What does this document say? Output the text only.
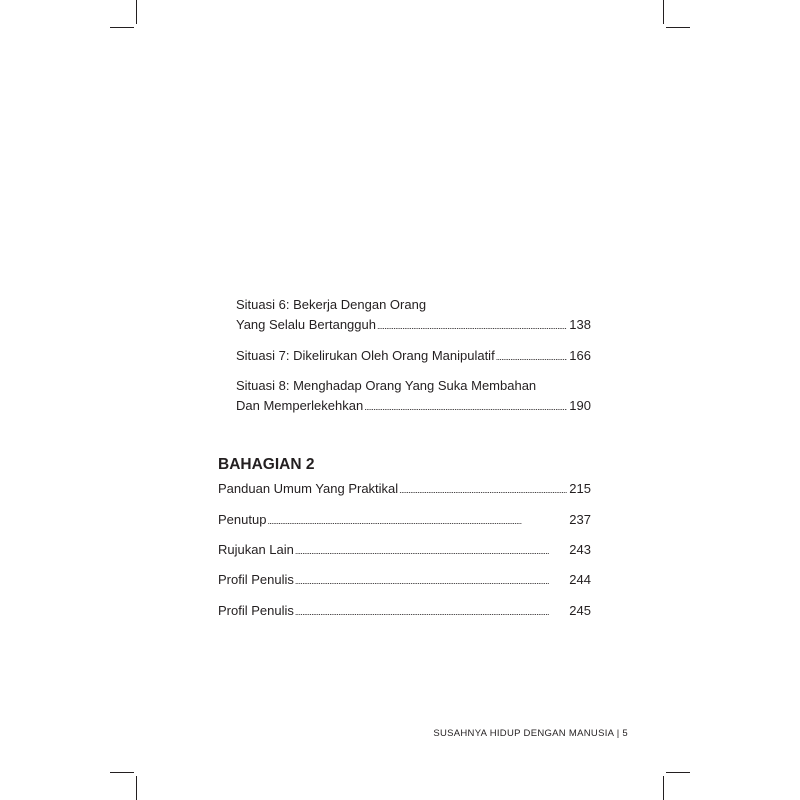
Situasi 6: Bekerja Dengan Orang
Yang Selalu Bertangguh . . .	138
Situasi 7: Dikelirukan Oleh Orang Manipulatif . . .	166
Situasi 8: Menghadap Orang Yang Suka Membahan
Dan Memperlekehkan . . .	190
BAHAGIAN 2
Panduan Umum Yang Praktikal . . .	215
Penutup . . .	237
Rujukan Lain . . .	243
Profil Penulis . . .	244
Profil Penulis . . .	245
SUSAHNYA HIDUP DENGAN MANUSIA | 5
